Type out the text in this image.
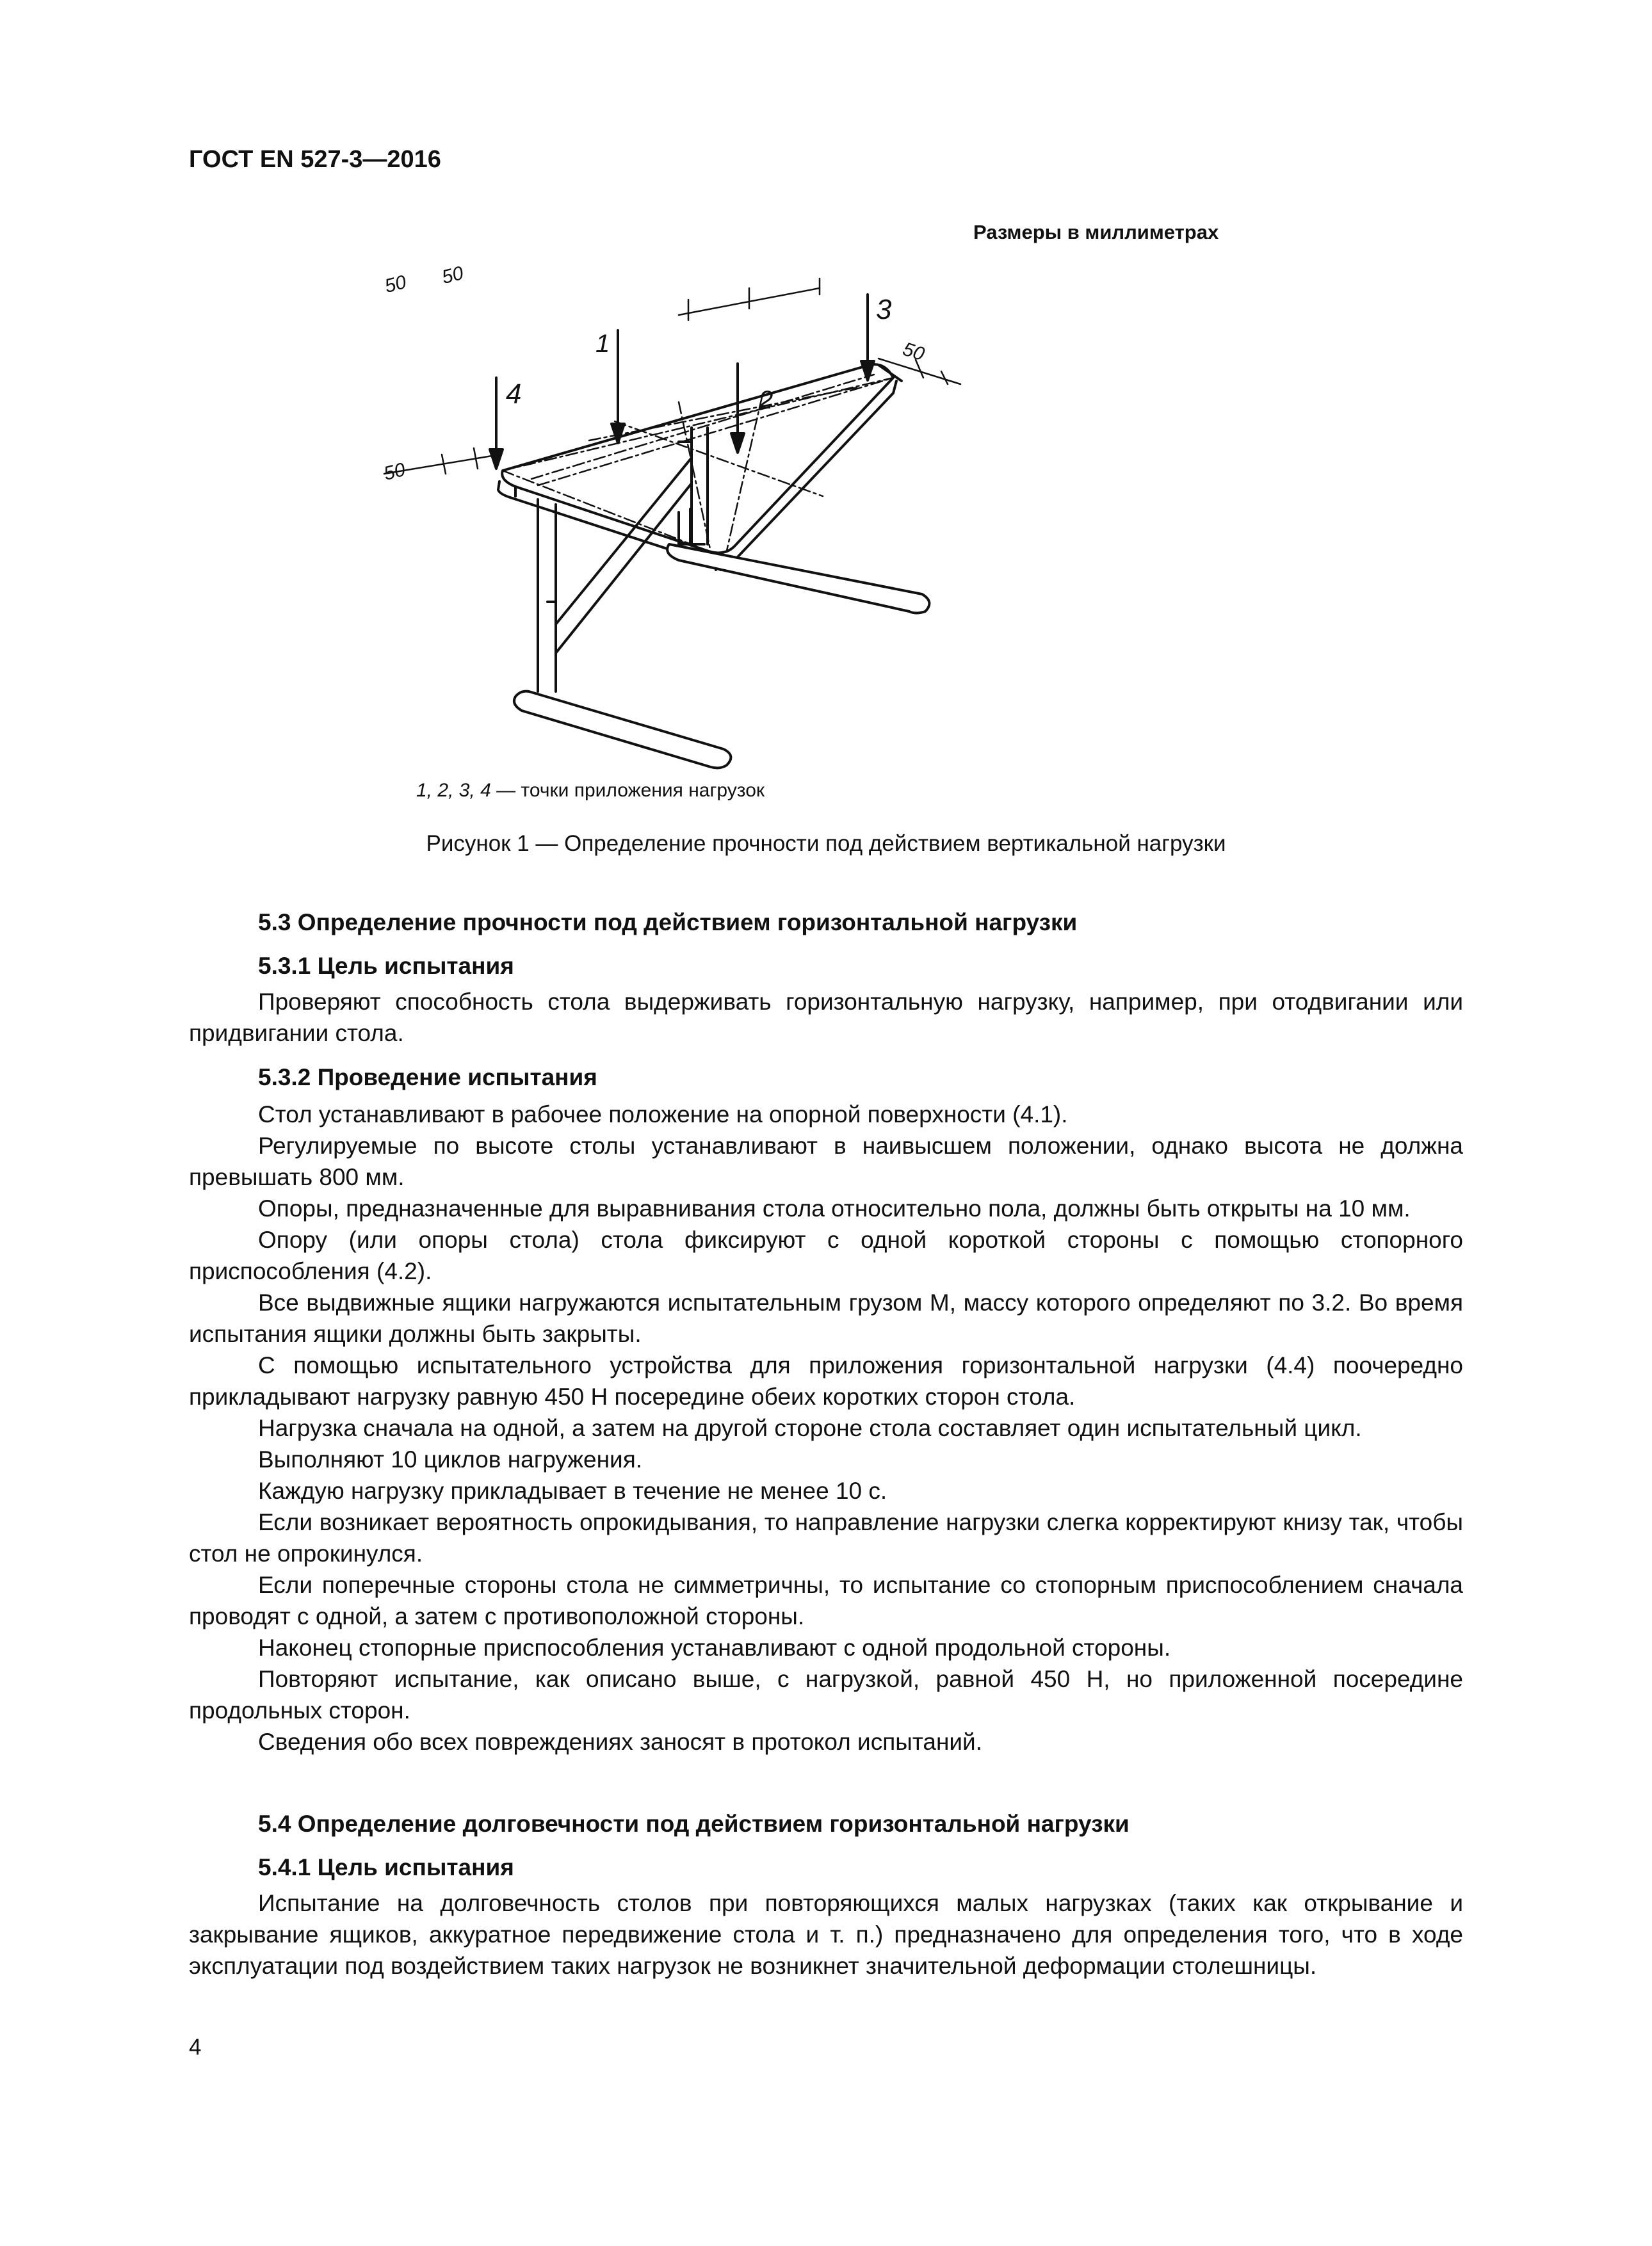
ГОСТ EN 527-3—2016
Размеры в миллиметрах
1
2
3
4
50 50
50
50
1, 2, 3, 4 — точки приложения нагрузок
Рисунок 1 — Определение прочности под действием вертикальной нагрузки
5.3 Определение прочности под действием горизонтальной нагрузки
5.3.1 Цель испытания

Проверяют способность стола выдерживать горизонтальную нагрузку, например, при отодвигании или придвигании стола.

5.3.2 Проведение испытания

Стол устанавливают в рабочее положение на опорной поверхности (4.1).

Регулируемые по высоте столы устанавливают в наивысшем положении, однако высота не должна превышать 800 мм.

Опоры, предназначенные для выравнивания стола относительно пола, должны быть открыты на 10 мм.

Опору (или опоры стола) стола фиксируют с одной короткой стороны с помощью стопорного приспособления (4.2).

Все выдвижные ящики нагружаются испытательным грузом М, массу которого определяют по 3.2. Во время испытания ящики должны быть закрыты.

С помощью испытательного устройства для приложения горизонтальной нагрузки (4.4) поочередно прикладывают нагрузку равную 450 Н посередине обеих коротких сторон стола.

Нагрузка сначала на одной, а затем на другой стороне стола составляет один испытательный цикл.

Выполняют 10 циклов нагружения.

Каждую нагрузку прикладывает в течение не менее 10 с.

Если возникает вероятность опрокидывания, то направление нагрузки слегка корректируют книзу так, чтобы стол не опрокинулся.

Если поперечные стороны стола не симметричны, то испытание со стопорным приспособлением сначала проводят с одной, а затем с противоположной стороны.

Наконец стопорные приспособления устанавливают с одной продольной стороны.

Повторяют испытание, как описано выше, с нагрузкой, равной 450 Н, но приложенной посередине продольных сторон.

Сведения обо всех повреждениях заносят в протокол испытаний.

5.4 Определение долговечности под действием горизонтальной нагрузки
5.4.1 Цель испытания

Испытание на долговечность столов при повторяющихся малых нагрузках (таких как открывание и закрывание ящиков, аккуратное передвижение стола и т. п.) предназначено для определения того, что в ходе эксплуатации под воздействием таких нагрузок не возникнет значительной деформации столешницы.

4
